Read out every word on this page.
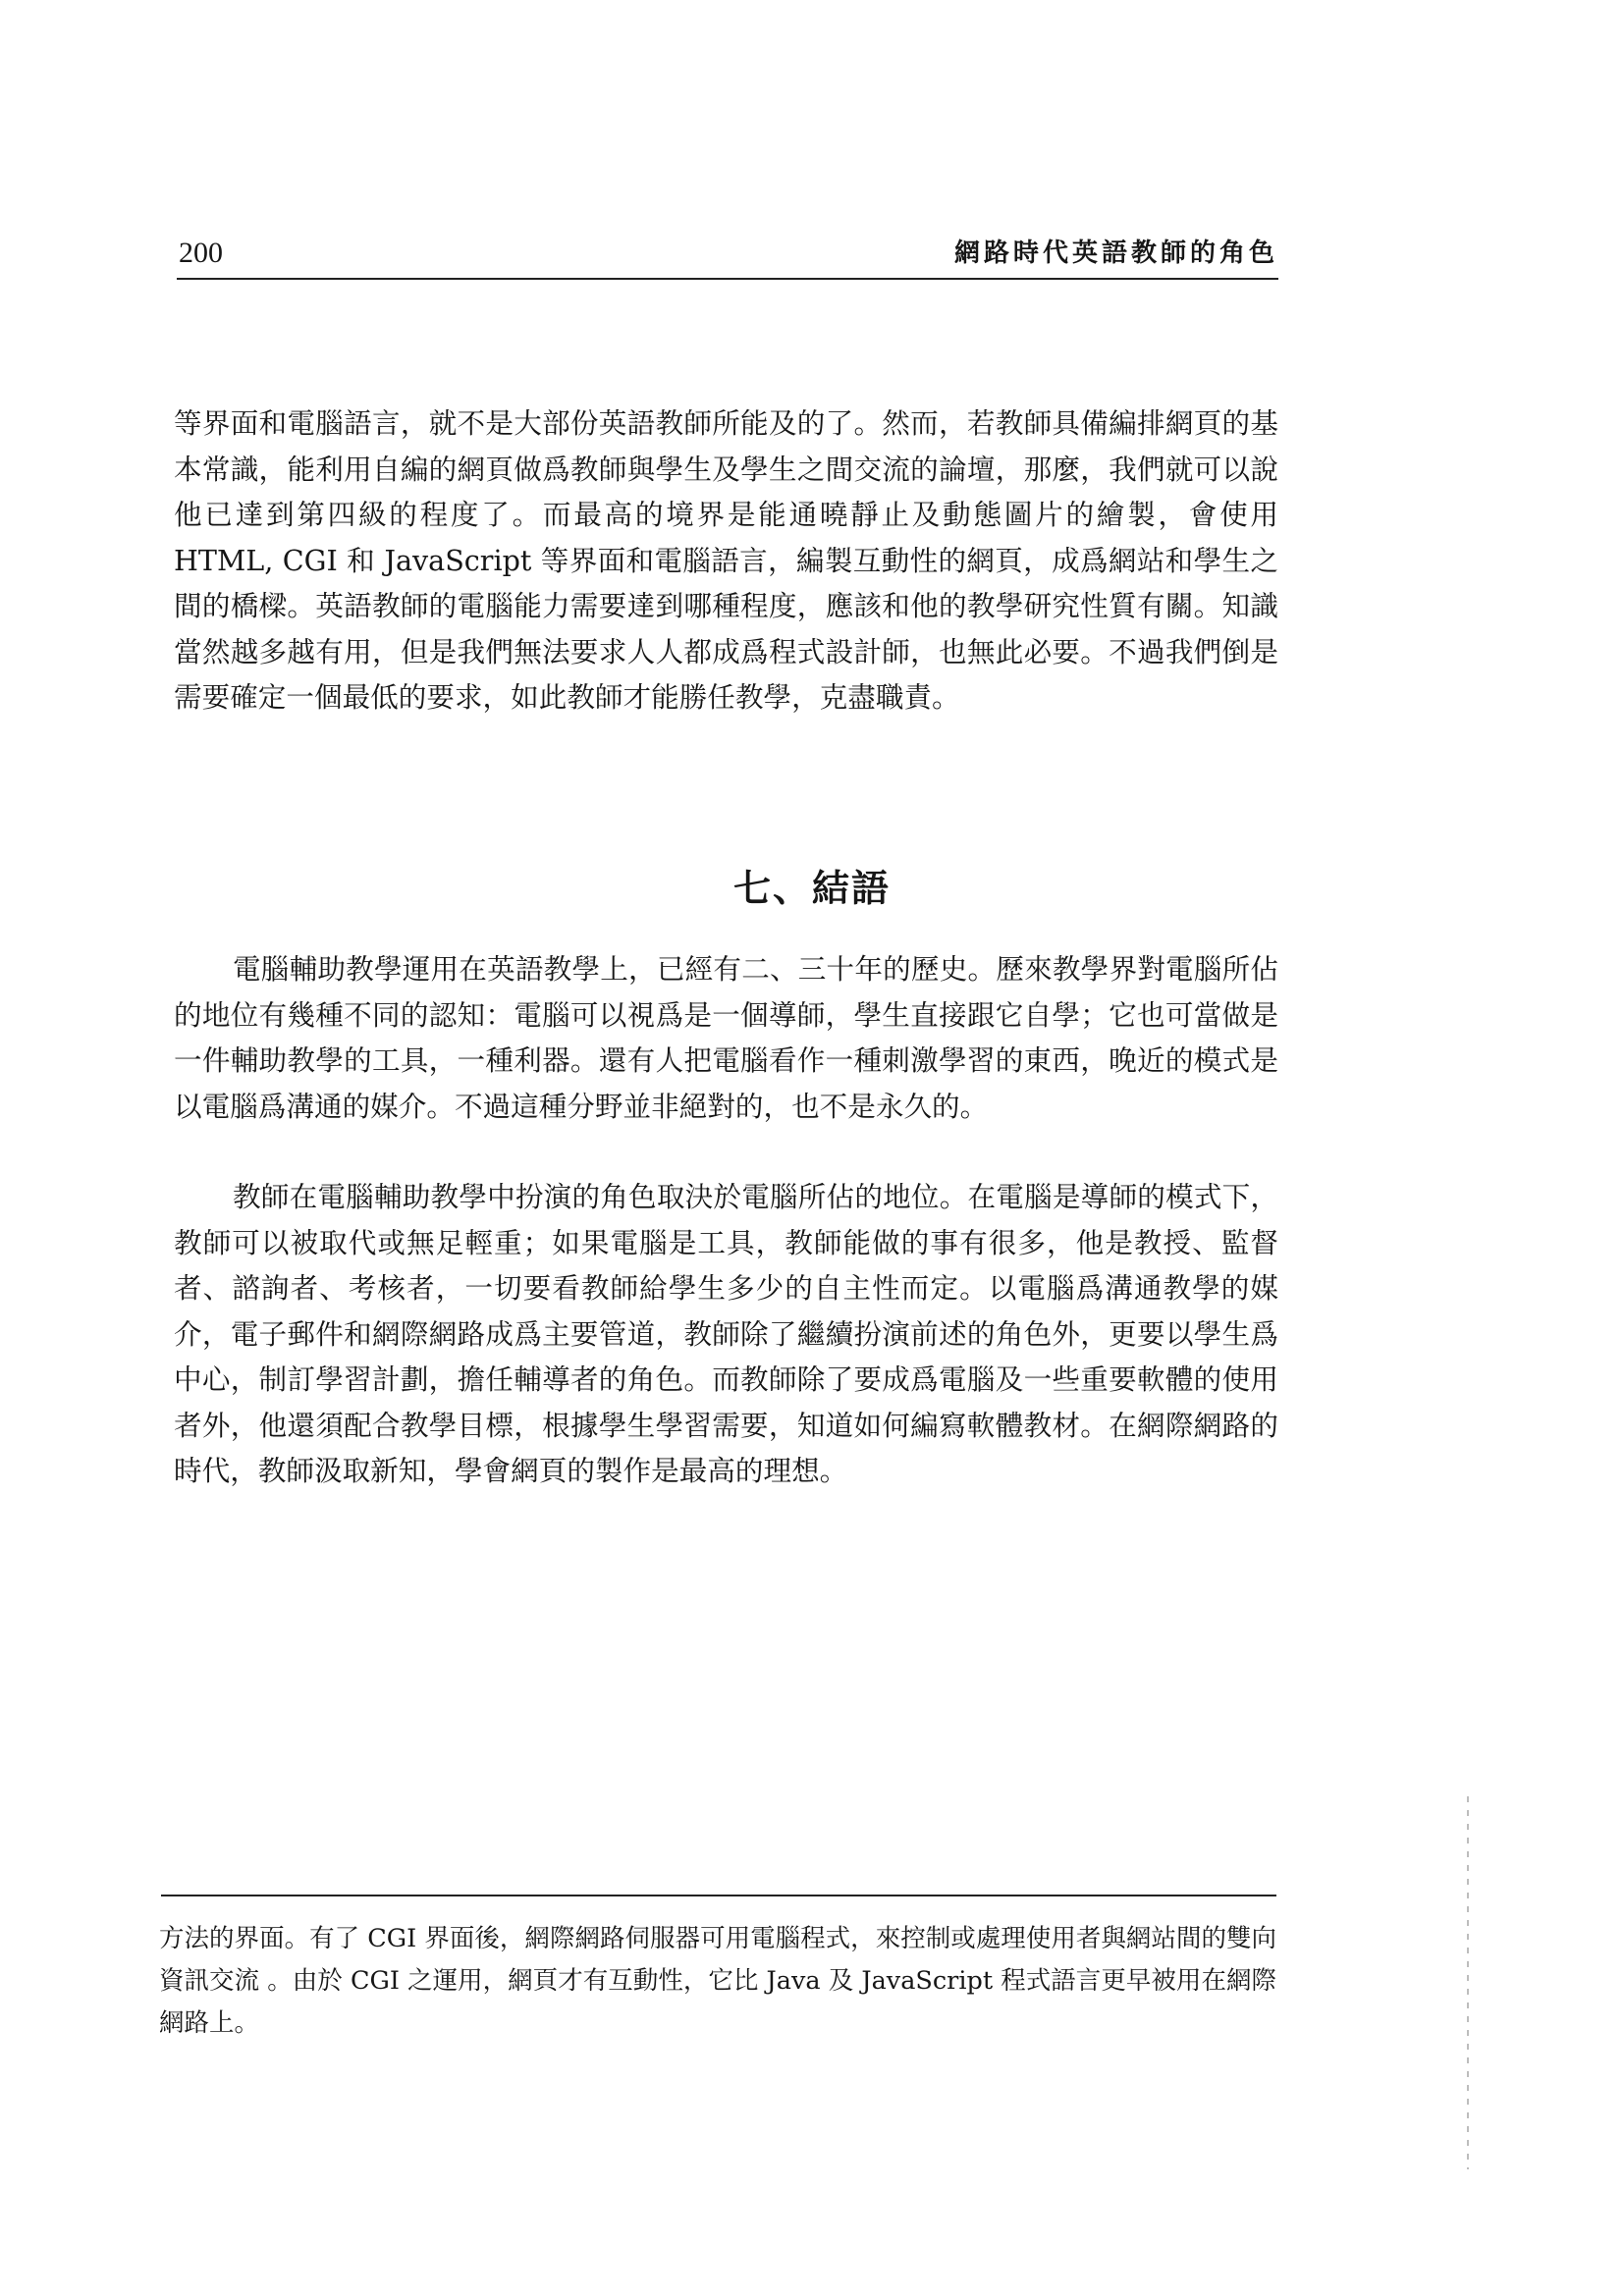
200	網路時代英語教師的角色

等界面和電腦語言，就不是大部份英語教師所能及的了。然而，若教師具備編排網頁的基本常識，能利用自編的網頁做爲教師與學生及學生之間交流的論壇，那麼，我們就可以說他已達到第四級的程度了。而最高的境界是能通曉靜止及動態圖片的繪製，會使用 HTML, CGI 和 JavaScript 等界面和電腦語言，編製互動性的網頁，成爲網站和學生之間的橋樑。英語教師的電腦能力需要達到哪種程度，應該和他的教學研究性質有關。知識當然越多越有用，但是我們無法要求人人都成爲程式設計師，也無此必要。不過我們倒是需要確定一個最低的要求，如此教師才能勝任教學，克盡職責。

七、結語

電腦輔助教學運用在英語教學上，已經有二、三十年的歷史。歷來教學界對電腦所佔的地位有幾種不同的認知：電腦可以視爲是一個導師，學生直接跟它自學；它也可當做是一件輔助教學的工具，一種利器。還有人把電腦看作一種刺激學習的東西，晚近的模式是以電腦爲溝通的媒介。不過這種分野並非絕對的，也不是永久的。

教師在電腦輔助教學中扮演的角色取決於電腦所佔的地位。在電腦是導師的模式下，教師可以被取代或無足輕重；如果電腦是工具，教師能做的事有很多，他是教授、監督者、諮詢者、考核者，一切要看教師給學生多少的自主性而定。以電腦爲溝通教學的媒介，電子郵件和網際網路成爲主要管道，教師除了繼續扮演前述的角色外，更要以學生爲中心，制訂學習計劃，擔任輔導者的角色。而教師除了要成爲電腦及一些重要軟體的使用者外，他還須配合教學目標，根據學生學習需要，知道如何編寫軟體教材。在網際網路的時代，教師汲取新知，學會網頁的製作是最高的理想。

方法的界面。有了 CGI 界面後，網際網路伺服器可用電腦程式，來控制或處理使用者與網站間的雙向資訊交流 。由於 CGI 之運用，網頁才有互動性，它比 Java 及 JavaScript 程式語言更早被用在網際網路上。
